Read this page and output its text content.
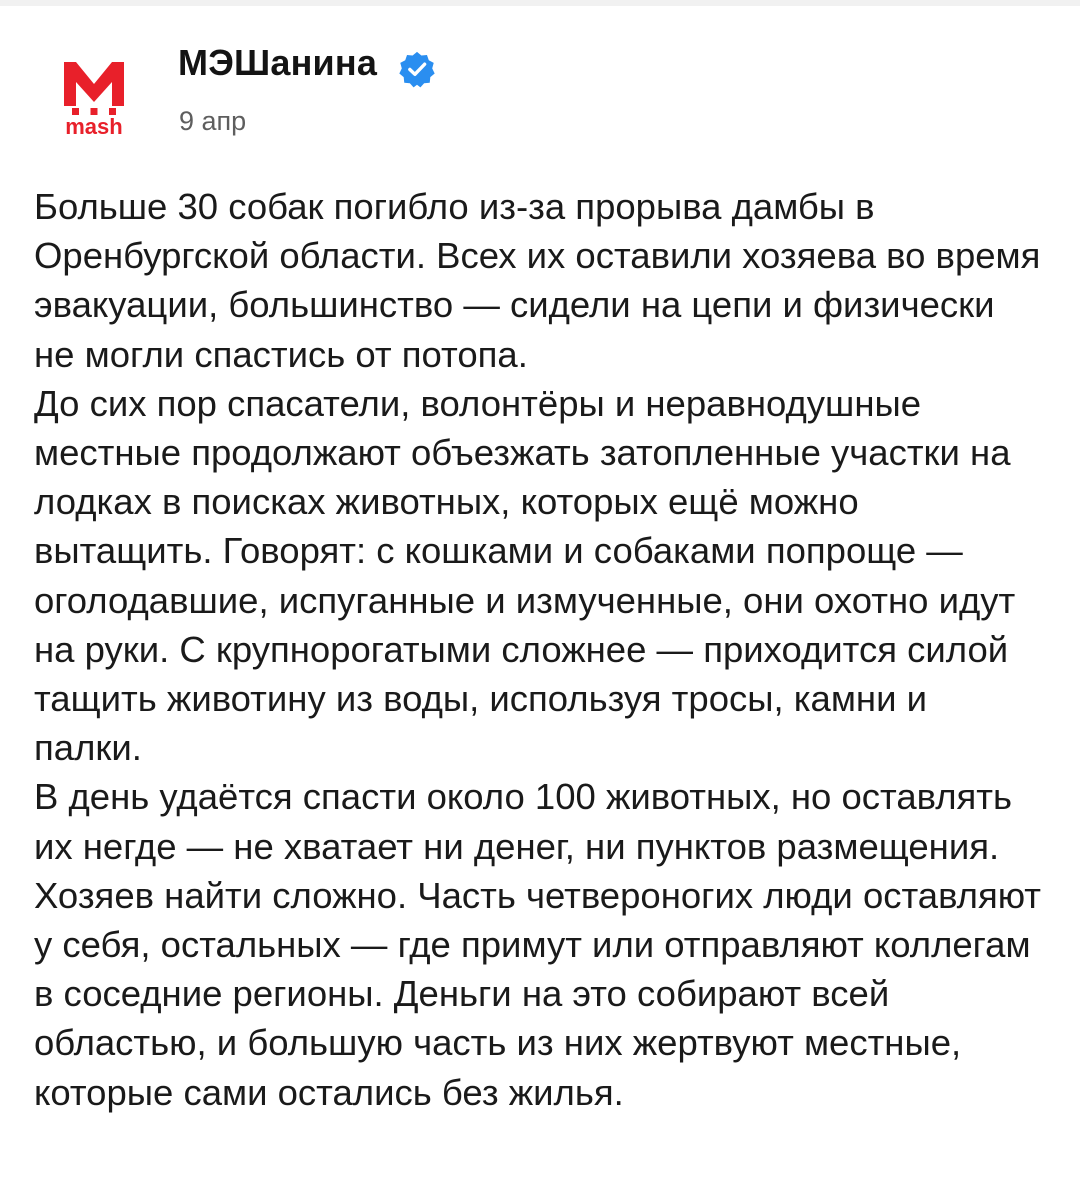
mash
МЭШанина
9 апр

Больше 30 собак погибло из-за прорыва дамбы в Оренбургской области. Всех их оставили хозяева во время эвакуации, большинство — сидели на цепи и физически не могли спастись от потопа.

До сих пор спасатели, волонтёры и неравнодушные местные продолжают объезжать затопленные участки на лодках в поисках животных, которых ещё можно вытащить. Говорят: с кошками и собаками попроще — оголодавшие, испуганные и измученные, они охотно идут на руки. С крупнорогатыми сложнее — приходится силой тащить животину из воды, используя тросы, камни и палки.

В день удаётся спасти около 100 животных, но оставлять их негде — не хватает ни денег, ни пунктов размещения. Хозяев найти сложно. Часть четвероногих люди оставляют у себя, остальных — где примут или отправляют коллегам в соседние регионы. Деньги на это собирают всей областью, и большую часть из них жертвуют местные, которые сами остались без жилья.
